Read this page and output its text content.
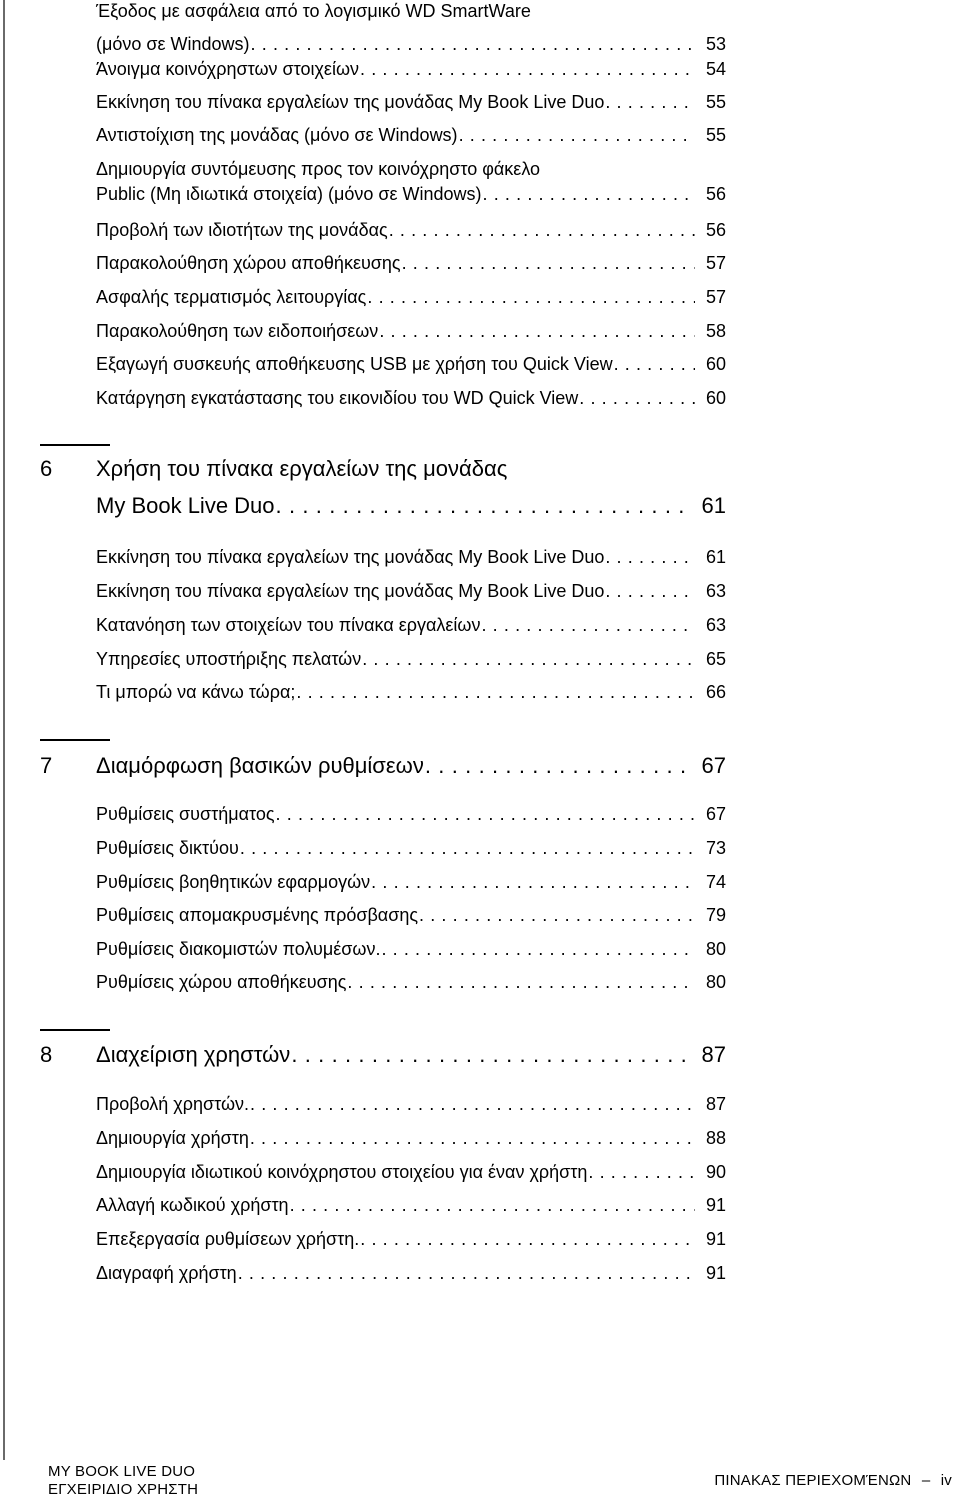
Έξοδος με ασφάλεια από το λογισμικό WD SmartWare
(μόνο σε Windows) . . .	53
Άνοιγμα κοινόχρηστων στοιχείων . . .	54
Εκκίνηση του πίνακα εργαλείων της μονάδας My Book Live Duo . . .	55
Αντιστοίχιση της μονάδας (μόνο σε Windows) . . .	55
Δημιουργία συντόμευσης προς τον κοινόχρηστο φάκελο
Public (Μη ιδιωτικά στοιχεία) (μόνο σε Windows) . . .	56
Προβολή των ιδιοτήτων της μονάδας . . .	56
Παρακολούθηση χώρου αποθήκευσης . . .	57
Ασφαλής τερματισμός λειτουργίας . . .	57
Παρακολούθηση των ειδοποιήσεων . . .	58
Εξαγωγή συσκευής αποθήκευσης USB με χρήση του Quick View . . .	60
Κατάργηση εγκατάστασης του εικονιδίου του WD Quick View . . .	60
6 Χρήση του πίνακα εργαλείων της μονάδας
My Book Live Duo . . .	61
Εκκίνηση του πίνακα εργαλείων της μονάδας My Book Live Duo . . .	61
Εκκίνηση του πίνακα εργαλείων της μονάδας My Book Live Duo . . .	63
Κατανόηση των στοιχείων του πίνακα εργαλείων . . .	63
Υπηρεσίες υποστήριξης πελατών . . .	65
Τι μπορώ να κάνω τώρα; . . .	66
7 Διαμόρφωση βασικών ρυθμίσεων . . .	67
Ρυθμίσεις συστήματος . . .	67
Ρυθμίσεις δικτύου . . .	73
Ρυθμίσεις βοηθητικών εφαρμογών . . .	74
Ρυθμίσεις απομακρυσμένης πρόσβασης . . .	79
Ρυθμίσεις διακομιστών πολυμέσων. . . .	80
Ρυθμίσεις χώρου αποθήκευσης . . .	80
8 Διαχείριση χρηστών . . .	87
Προβολή χρηστών. . . .	87
Δημιουργία χρήστη . . .	88
Δημιουργία ιδιωτικού κοινόχρηστου στοιχείου για έναν χρήστη . . .	90
Αλλαγή κωδικού χρήστη . . .	91
Επεξεργασία ρυθμίσεων χρήστη. . . .	91
Διαγραφή χρήστη . . .	91
MY BOOK LIVE DUO
ΕΓΧΕΙΡΙΔΙΟ ΧΡΗΣΤΗ
ΠΙΝΑΚΑΣ ΠΕΡΙΕΧΟΜΈΝΩΝ – iv
